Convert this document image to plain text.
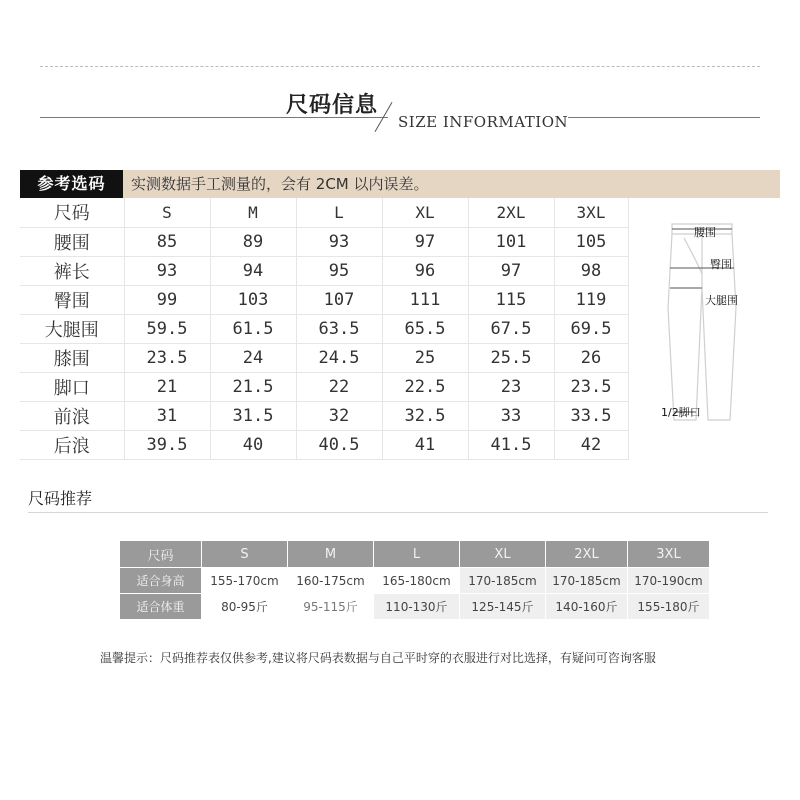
尺码信息
SIZE INFORMATION
参考选码	实测数据手工测量的，会有 2CM 以内误差。
尺码	S	M	L	XL	2XL	3XL
腰围	85	89	93	97	101	105
裤长	93	94	95	96	97	98
臀围	99	103	107	111	115	119
大腿围	59.5	61.5	63.5	65.5	67.5	69.5
膝围	23.5	24	24.5	25	25.5	26
脚口	21	21.5	22	22.5	23	23.5
前浪	31	31.5	32	32.5	33	33.5
后浪	39.5	40	40.5	41	41.5	42
腰围
臀围
大腿围
1/2脚口
尺码推荐
尺码	S	M	L	XL	2XL	3XL
适合身高	155-170cm	160-175cm	165-180cm	170-185cm	170-185cm	170-190cm
适合体重	80-95斤	95-115斤	110-130斤	125-145斤	140-160斤	155-180斤
温馨提示：尺码推荐表仅供参考,建议将尺码表数据与自己平时穿的衣服进行对比选择，有疑问可咨询客服
